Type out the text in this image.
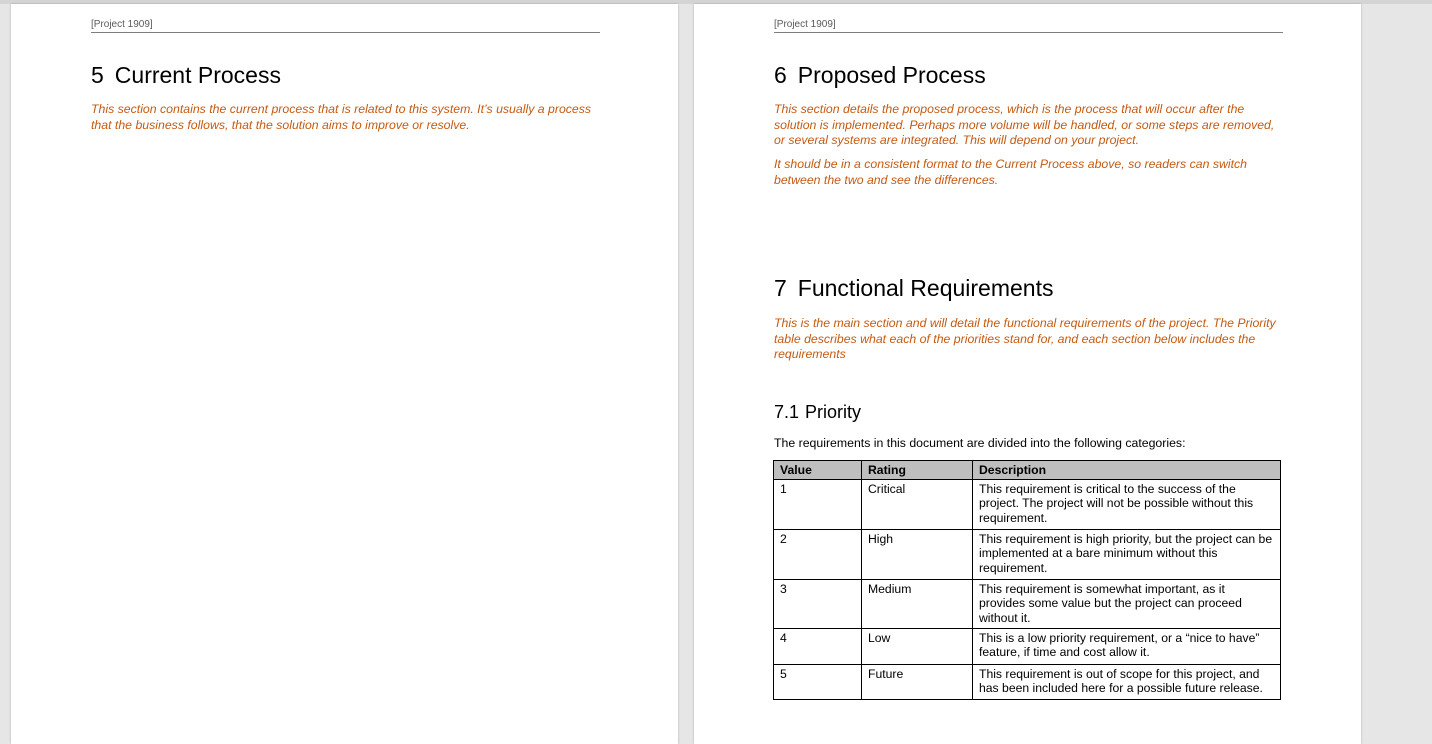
[Project 1909]
5 Current Process
This section contains the current process that is related to this system. It’s usually a process that the business follows, that the solution aims to improve or resolve.
[Project 1909]
6 Proposed Process
This section details the proposed process, which is the process that will occur after the solution is implemented. Perhaps more volume will be handled, or some steps are removed, or several systems are integrated. This will depend on your project.
It should be in a consistent format to the Current Process above, so readers can switch between the two and see the differences.
7 Functional Requirements
This is the main section and will detail the functional requirements of the project. The Priority table describes what each of the priorities stand for, and each section below includes the requirements
7.1 Priority
The requirements in this document are divided into the following categories:
Value	Rating	Description
1	Critical	This requirement is critical to the success of the project. The project will not be possible without this requirement.
2	High	This requirement is high priority, but the project can be implemented at a bare minimum without this requirement.
3	Medium	This requirement is somewhat important, as it provides some value but the project can proceed without it.
4	Low	This is a low priority requirement, or a “nice to have” feature, if time and cost allow it.
5	Future	This requirement is out of scope for this project, and has been included here for a possible future release.
